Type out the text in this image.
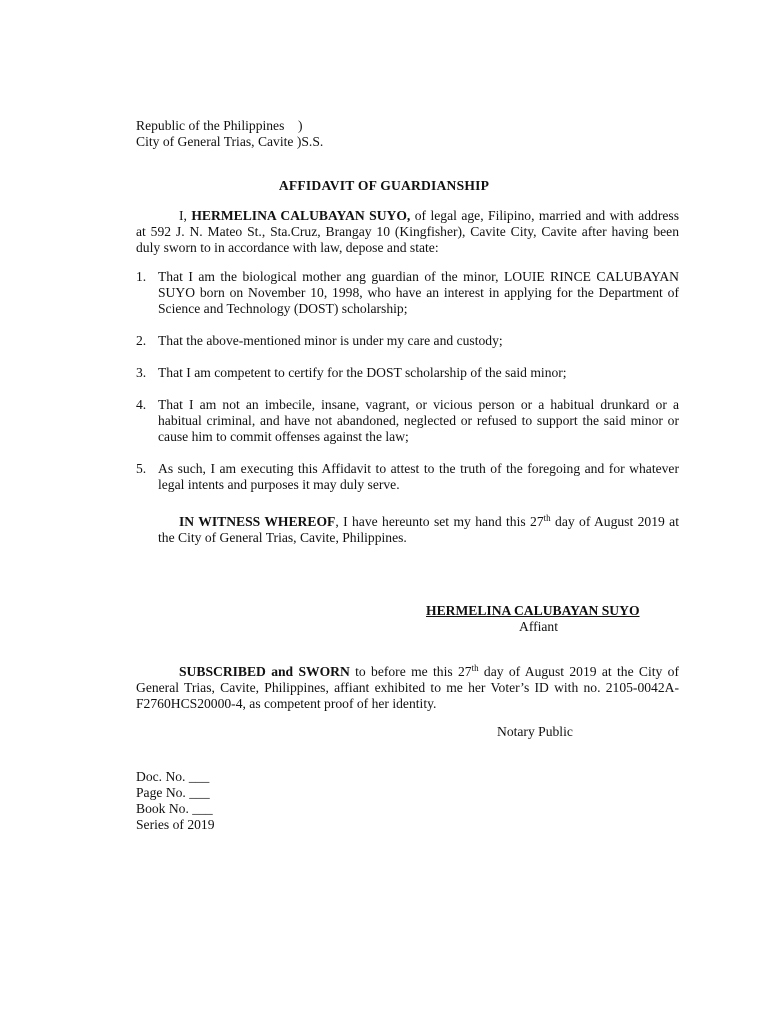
Republic of the Philippines    )
City of General Trias, Cavite )S.S.
AFFIDAVIT OF GUARDIANSHIP
I, HERMELINA CALUBAYAN SUYO, of legal age, Filipino, married and with address at 592 J. N. Mateo St., Sta.Cruz, Brangay 10 (Kingfisher), Cavite City, Cavite after having been duly sworn to in accordance with law, depose and state:
1. That I am the biological mother ang guardian of the minor, LOUIE RINCE CALUBAYAN SUYO born on November 10, 1998, who have an interest in applying for the Department of Science and Technology (DOST) scholarship;
2. That the above-mentioned minor is under my care and custody;
3. That I am competent to certify for the DOST scholarship of the said minor;
4. That I am not an imbecile, insane, vagrant, or vicious person or a habitual drunkard or a habitual criminal, and have not abandoned, neglected or refused to support the said minor or cause him to commit offenses against the law;
5. As such, I am executing this Affidavit to attest to the truth of the foregoing and for whatever legal intents and purposes it may duly serve.
IN WITNESS WHEREOF, I have hereunto set my hand this 27th day of August 2019 at the City of General Trias, Cavite, Philippines.
HERMELINA CALUBAYAN SUYO
Affiant
SUBSCRIBED and SWORN to before me this 27th day of August 2019 at the City of General Trias, Cavite, Philippines, affiant exhibited to me her Voter’s ID with no. 2105-0042A-F2760HCS20000-4, as competent proof of her identity.
Notary Public
Doc. No. ___
Page No. ___
Book No. ___
Series of 2019
